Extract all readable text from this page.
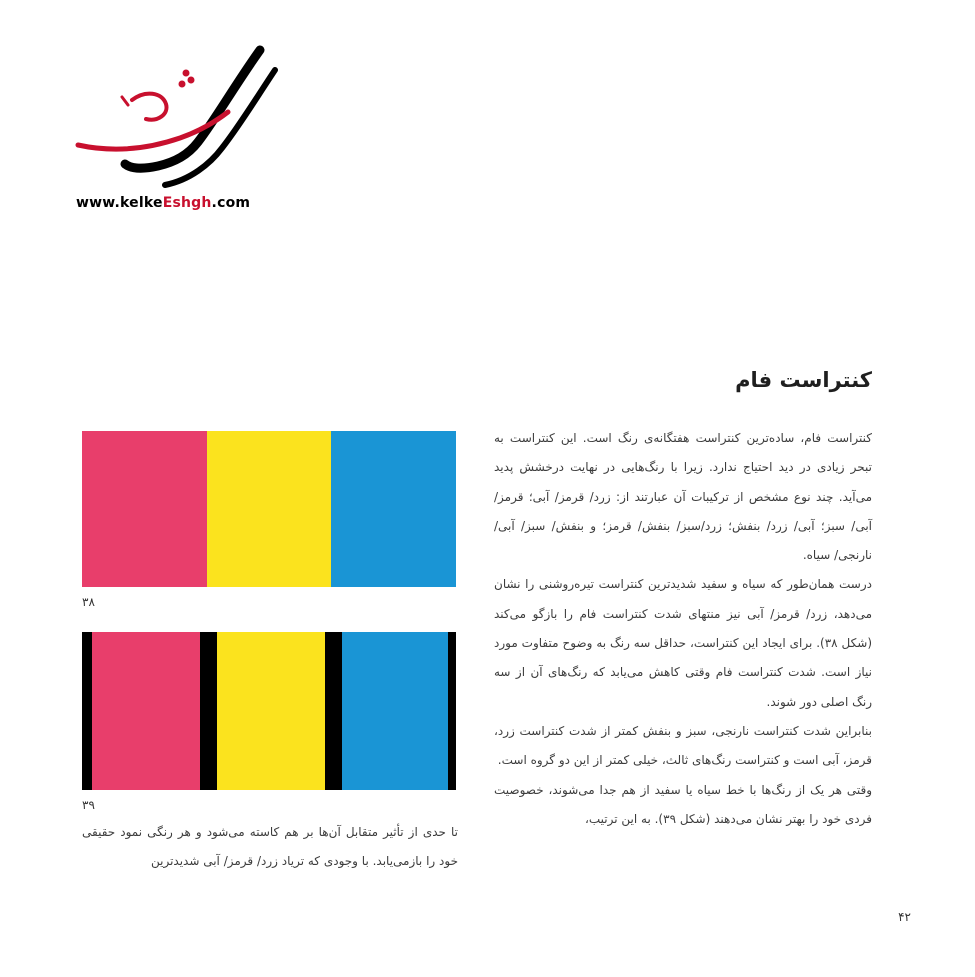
www.kelkeEshgh.com
کنتراست فام

کنتراست فام، ساده‌ترین کنتراست هفتگانه‌ی رنگ است. این کنتراست به تبحر زیادی در دید احتیاج ندارد. زیرا با رنگ‌هایی در نهایت درخشش پدید می‌آید. چند نوع مشخص از ترکیبات آن عبارتند از: زرد/ قرمز/ آبی؛ قرمز/ آبی/ سبز؛ آبی/ زرد/ بنفش؛ زرد/سبز/ بنفش/ قرمز؛ و بنفش/ سبز/ آبی/ نارنجی/ سیاه.

درست همان‌طور که سیاه و سفید شدیدترین کنتراست تیره‌روشنی را نشان می‌دهد، زرد/ قرمز/ آبی نیز منتهای شدت کنتراست فام را بازگو می‌کند (شکل ۳۸). برای ایجاد این کنتراست، حداقل سه رنگ به وضوح متفاوت مورد نیاز است. شدت کنتراست فام وقتی کاهش می‌یابد که رنگ‌های آن از سه رنگ اصلی دور شوند.

بنابراین شدت کنتراست نارنجی، سبز و بنفش کمتر از شدت کنتراست زرد، قرمز، آبی است و کنتراست رنگ‌های ثالث، خیلی کمتر از این دو گروه است.

وقتی هر یک از رنگ‌ها با خط سیاه یا سفید از هم جدا می‌شوند، خصوصیت فردی خود را بهتر نشان می‌دهند (شکل ۳۹). به این ترتیب،

۳۸
۳۹
تا حدی از تأثیر متقابل آن‌ها بر هم کاسته می‌شود و هر رنگی نمود حقیقی خود را بازمی‌یابد. با وجودی که ترياد زرد/ قرمز/ آبی شدیدترین
۴۲
